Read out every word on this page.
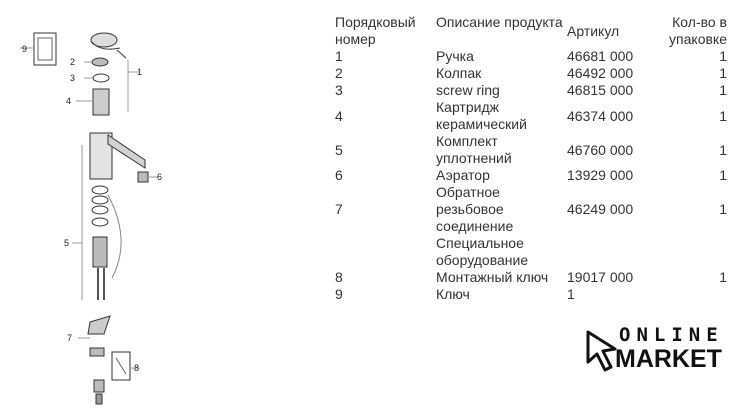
9
2
3
4
1
6
5
7
8
Порядковый номер	Описание продукта	Артикул	Кол-во в упаковке
1	Ручка	46681 000	1
2	Колпак	46492 000	1
3	screw ring	46815 000	1
4	Картридж керамический	46374 000	1
5	Комплект уплотнений	46760 000	1
6	Аэратор	13929 000	1
7	Обратное резьбовое соединение	46249 000	1
	Специальное оборудование		
8	Монтажный ключ	19017 000	1
9	Ключ	1	
ONLINE
MARKET
